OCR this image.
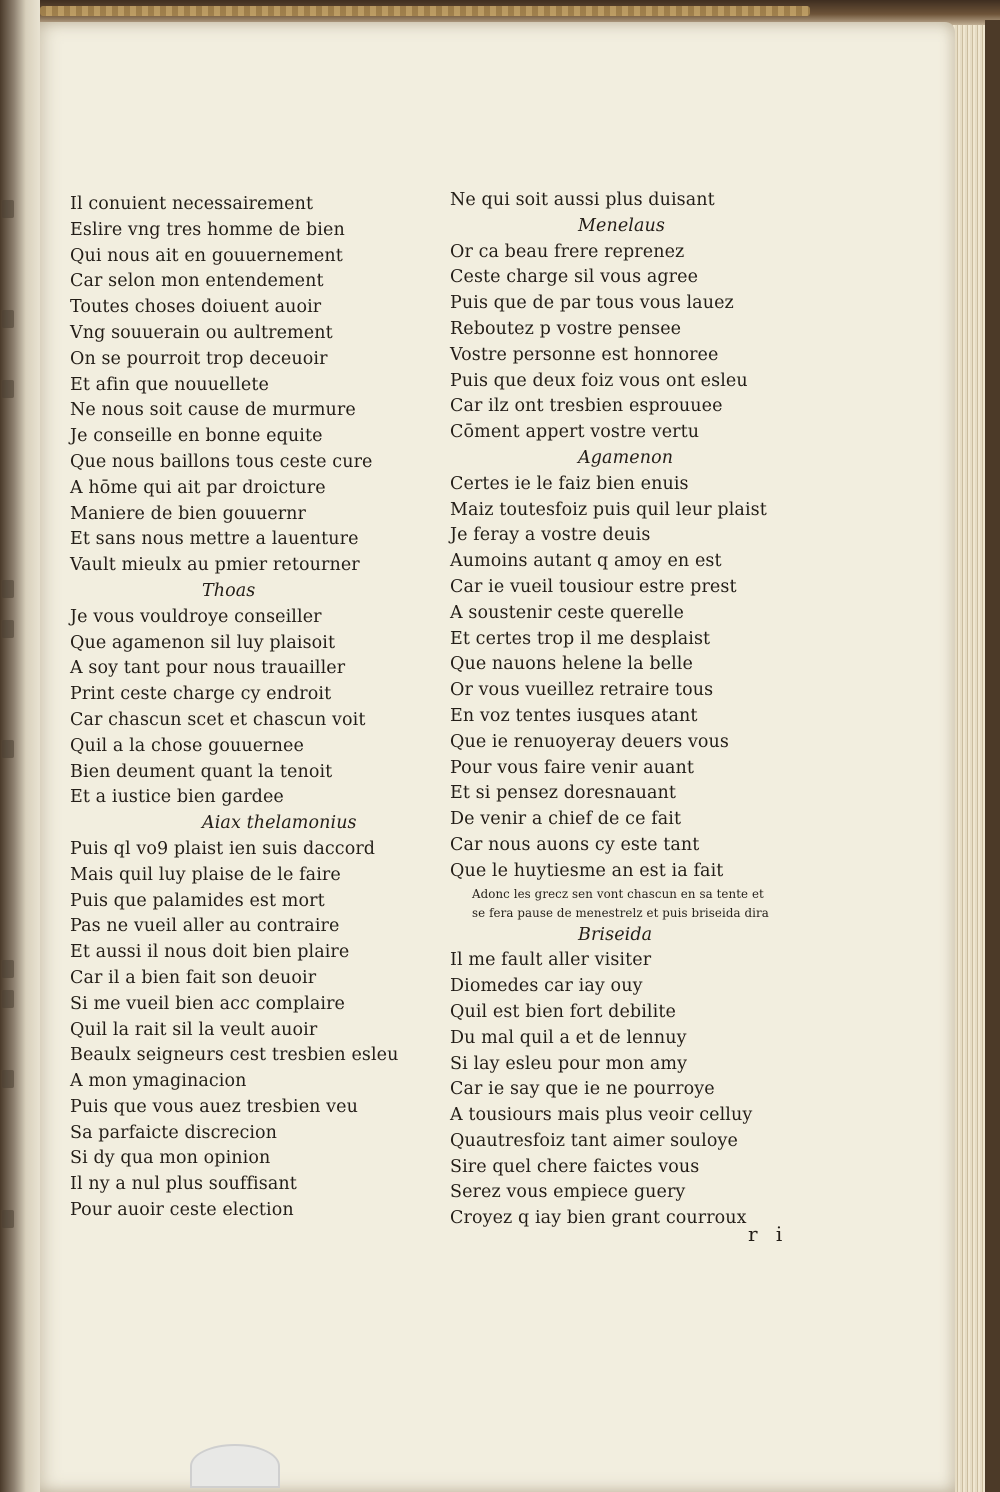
Il conuient necessairement
Eslire vng tres homme de bien
Qui nous ait en gouuernement
Car selon mon entendement
Toutes choses doiuent auoir
Vng souuerain ou aultrement
On se pourroit trop deceuoir
Et afin que nouuellete
Ne nous soit cause de murmure
Je conseille en bonne equite
Que nous baillons tous ceste cure
A hōme qui ait par droicture
Maniere de bien gouuernr
Et sans nous mettre a lauenture
Vault mieulx au pmier retourner
Thoas
Je vous vouldroye conseiller
Que agamenon sil luy plaisoit
A soy tant pour nous trauailler
Print ceste charge cy endroit
Car chascun scet et chascun voit
Quil a la chose gouuernee
Bien deument quant la tenoit
Et a iustice bien gardee
Aiax thelamonius
Puis ql vo9 plaist ien suis daccord
Mais quil luy plaise de le faire
Puis que palamides est mort
Pas ne vueil aller au contraire
Et aussi il nous doit bien plaire
Car il a bien fait son deuoir
Si me vueil bien acc complaire
Quil la rait sil la veult auoir
Beaulx seigneurs cest tresbien esleu
A mon ymaginacion
Puis que vous auez tresbien veu
Sa parfaicte discrecion
Si dy qua mon opinion
Il ny a nul plus souffisant
Pour auoir ceste election
Ne qui soit aussi plus duisant
Menelaus
Or ca beau frere reprenez
Ceste charge sil vous agree
Puis que de par tous vous lauez
Reboutez p vostre pensee
Vostre personne est honnoree
Puis que deux foiz vous ont esleu
Car ilz ont tresbien esprouuee
Cōment appert vostre vertu
Agamenon
Certes ie le faiz bien enuis
Maiz toutesfoiz puis quil leur plaist
Je feray a vostre deuis
Aumoins autant q amoy en est
Car ie vueil tousiour estre prest
A soustenir ceste querelle
Et certes trop il me desplaist
Que nauons helene la belle
Or vous vueillez retraire tous
En voz tentes iusques atant
Que ie renuoyeray deuers vous
Pour vous faire venir auant
Et si pensez doresnauant
De venir a chief de ce fait
Car nous auons cy este tant
Que le huytiesme an est ia fait
Adonc les grecz sen vont chascun en sa tente et
se fera pause de menestrelz et puis briseida dira
Briseida
Il me fault aller visiter
Diomedes car iay ouy
Quil est bien fort debilite
Du mal quil a et de lennuy
Si lay esleu pour mon amy
Car ie say que ie ne pourroye
A tousiours mais plus veoir celluy
Quautresfoiz tant aimer souloye
Sire quel chere faictes vous
Serez vous empiece guery
Croyez q iay bien grant courroux
r i
